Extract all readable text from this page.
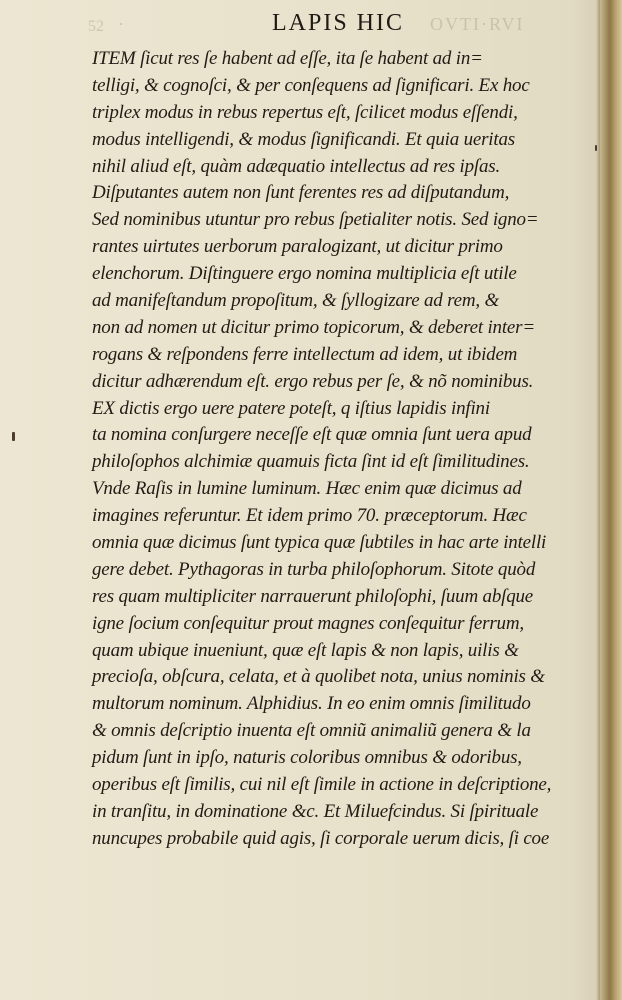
52 ·	LAPIS HIC OVTI·RVI
ITEM ſicut res ſe habent ad eſſe, ita ſe habent ad in=
telligi, & cognoſci, & per conſequens ad ſignificari. Ex hoc
triplex modus in rebus repertus eſt, ſcilicet modus eſſendi,
modus intelligendi, & modus ſignificandi. Et quia ueritas
nihil aliud eſt, quàm adæquatio intellectus ad res ipſas.
Diſputantes autem non ſunt ferentes res ad diſputandum,
Sed nominibus utuntur pro rebus ſpetialiter notis. Sed igno=
rantes uirtutes uerborum paralogizant, ut dicitur primo
elenchorum. Diſtinguere ergo nomina multiplicia eſt utile
ad manifeſtandum propoſitum, & ſyllogizare ad rem, &
non ad nomen ut dicitur primo topicorum, & deberet inter=
rogans & reſpondens ferre intellectum ad idem, ut ibidem
dicitur adhærendum eſt. ergo rebus per ſe, & nõ nominibus.
EX dictis ergo uere patere poteſt, q iſtius lapidis infini
ta nomina conſurgere neceſſe eſt quæ omnia ſunt uera apud
philoſophos alchimiæ quamuis ficta ſint id eſt ſimilitudines.
Vnde Raſis in lumine luminum. Hæc enim quæ dicimus ad
imagines referuntur. Et idem primo 70. præceptorum. Hæc
omnia quæ dicimus ſunt typica quæ ſubtiles in hac arte intelli
gere debet. Pythagoras in turba philoſophorum. Sitote quòd
res quam multipliciter narrauerunt philoſophi, ſuum abſque
igne ſocium conſequitur prout magnes conſequitur ferrum,
quam ubique inueniunt, quæ eſt lapis & non lapis, uilis &
precioſa, obſcura, celata, et à quolibet nota, unius nominis &
multorum nominum. Alphidius. In eo enim omnis ſimilitudo
& omnis deſcriptio inuenta eſt omniũ animaliũ genera & la
pidum ſunt in ipſo, naturis coloribus omnibus & odoribus,
operibus eſt ſimilis, cui nil eſt ſimile in actione in deſcriptione,
in tranſitu, in dominatione &c. Et Miluefcindus. Si ſpirituale
nuncupes probabile quid agis, ſi corporale uerum dicis, ſi coe
